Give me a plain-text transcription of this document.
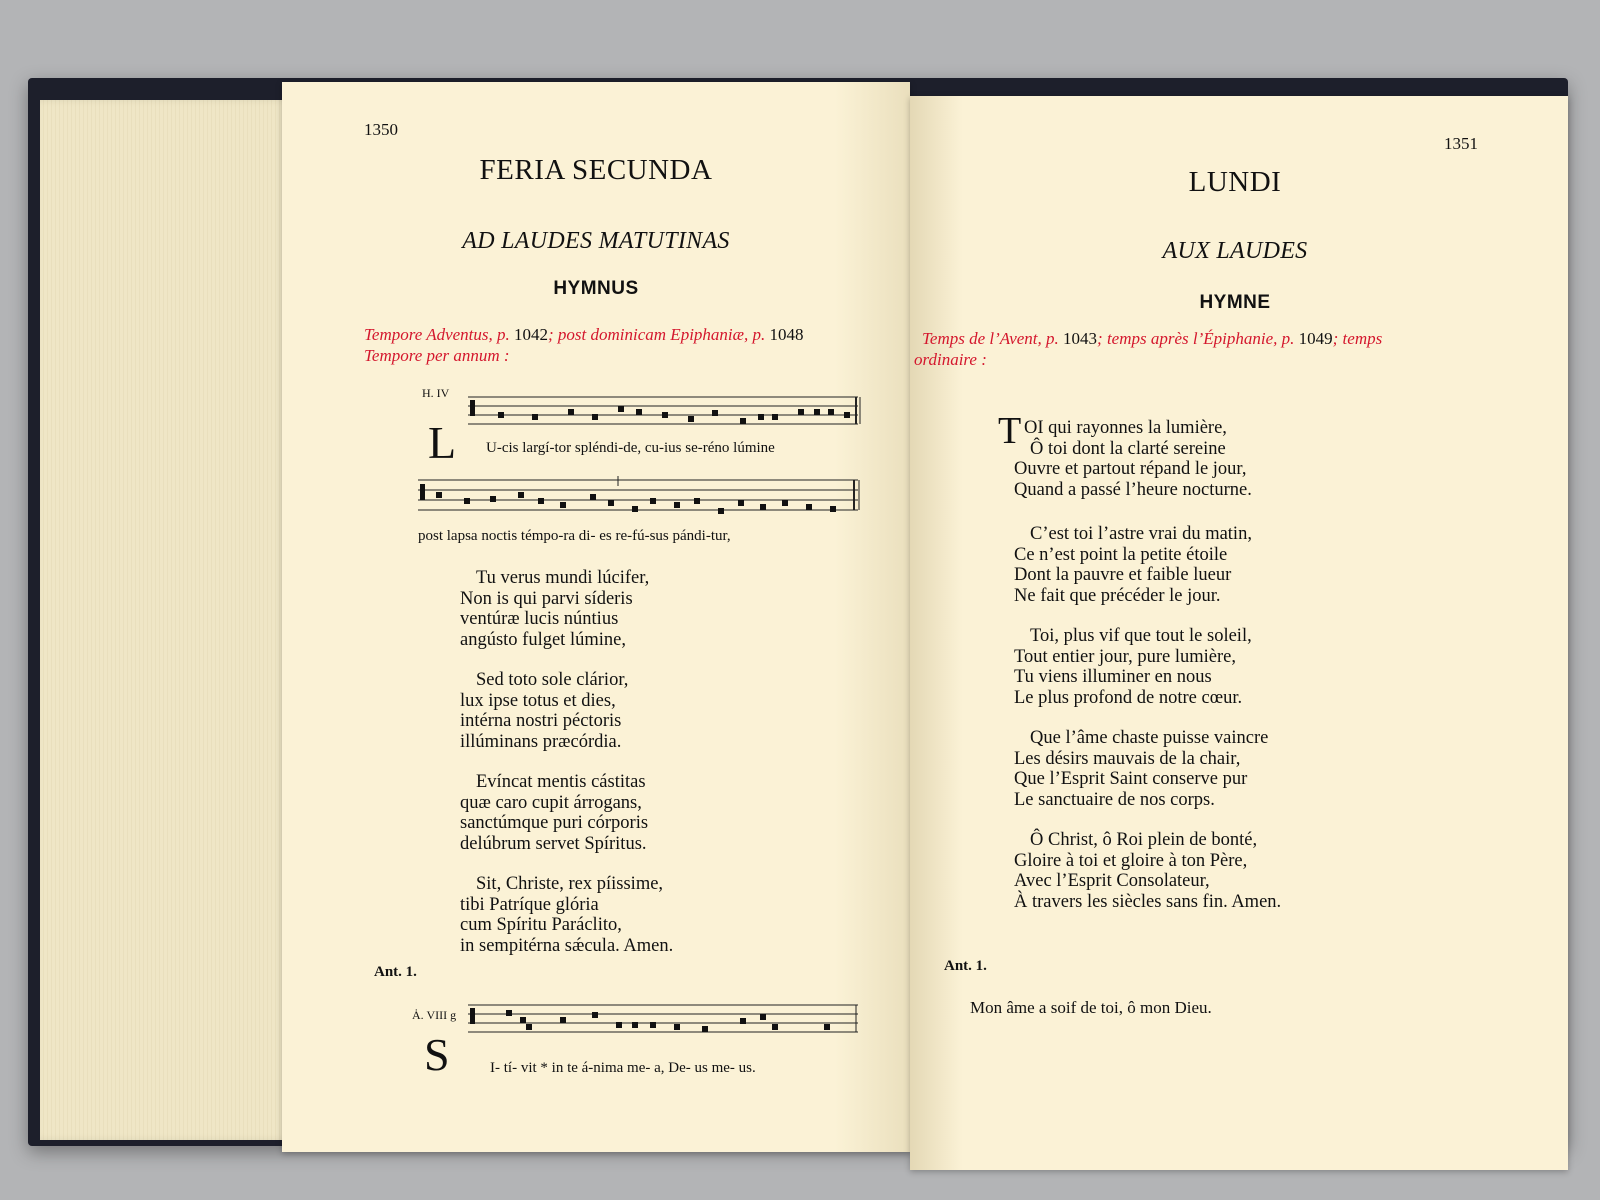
1350
FERIA SECUNDA
AD LAUDES MATUTINAS
HYMNUS
Tempore Adventus, p. 1042; post dominicam Epiphaniæ, p. 1048
Tempore per annum :
H. IV
L U-cis largí-tor spléndi-de, cu-ius se-réno lúmine
post lapsa noctis témpo-ra di- es re-fú-sus pándi-tur,
Tu verus mundi lúcifer,
Non is qui parvi síderis
ventúræ lucis núntius
angústo fulget lúmine,
Sed toto sole clárior,
lux ipse totus et dies,
intérna nostri péctoris
illúminans præcórdia.
Evíncat mentis cástitas
quæ caro cupit árrogans,
sanctúmque puri córporis
delúbrum servet Spíritus.
Sit, Christe, rex píissime,
tibi Patríque glória
cum Spíritu Paráclito,
in sempitérna sǽcula. Amen.
Ant. 1.
Ȧ. VIII g
S	I- tí- vit * in te á-nima me- a, De- us me- us.
1351
LUNDI
AUX LAUDES
HYMNE
Temps de l’Avent, p. 1043; temps après l’Épiphanie, p. 1049; temps
ordinaire :
T OI qui rayonnes la lumière,
Ô toi dont la clarté sereine
Ouvre et partout répand le jour,
Quand a passé l’heure nocturne.
C’est toi l’astre vrai du matin,
Ce n’est point la petite étoile
Dont la pauvre et faible lueur
Ne fait que précéder le jour.
Toi, plus vif que tout le soleil,
Tout entier jour, pure lumière,
Tu viens illuminer en nous
Le plus profond de notre cœur.
Que l’âme chaste puisse vaincre
Les désirs mauvais de la chair,
Que l’Esprit Saint conserve pur
Le sanctuaire de nos corps.
Ô Christ, ô Roi plein de bonté,
Gloire à toi et gloire à ton Père,
Avec l’Esprit Consolateur,
À travers les siècles sans fin. Amen.
Ant. 1.
Mon âme a soif de toi, ô mon Dieu.
